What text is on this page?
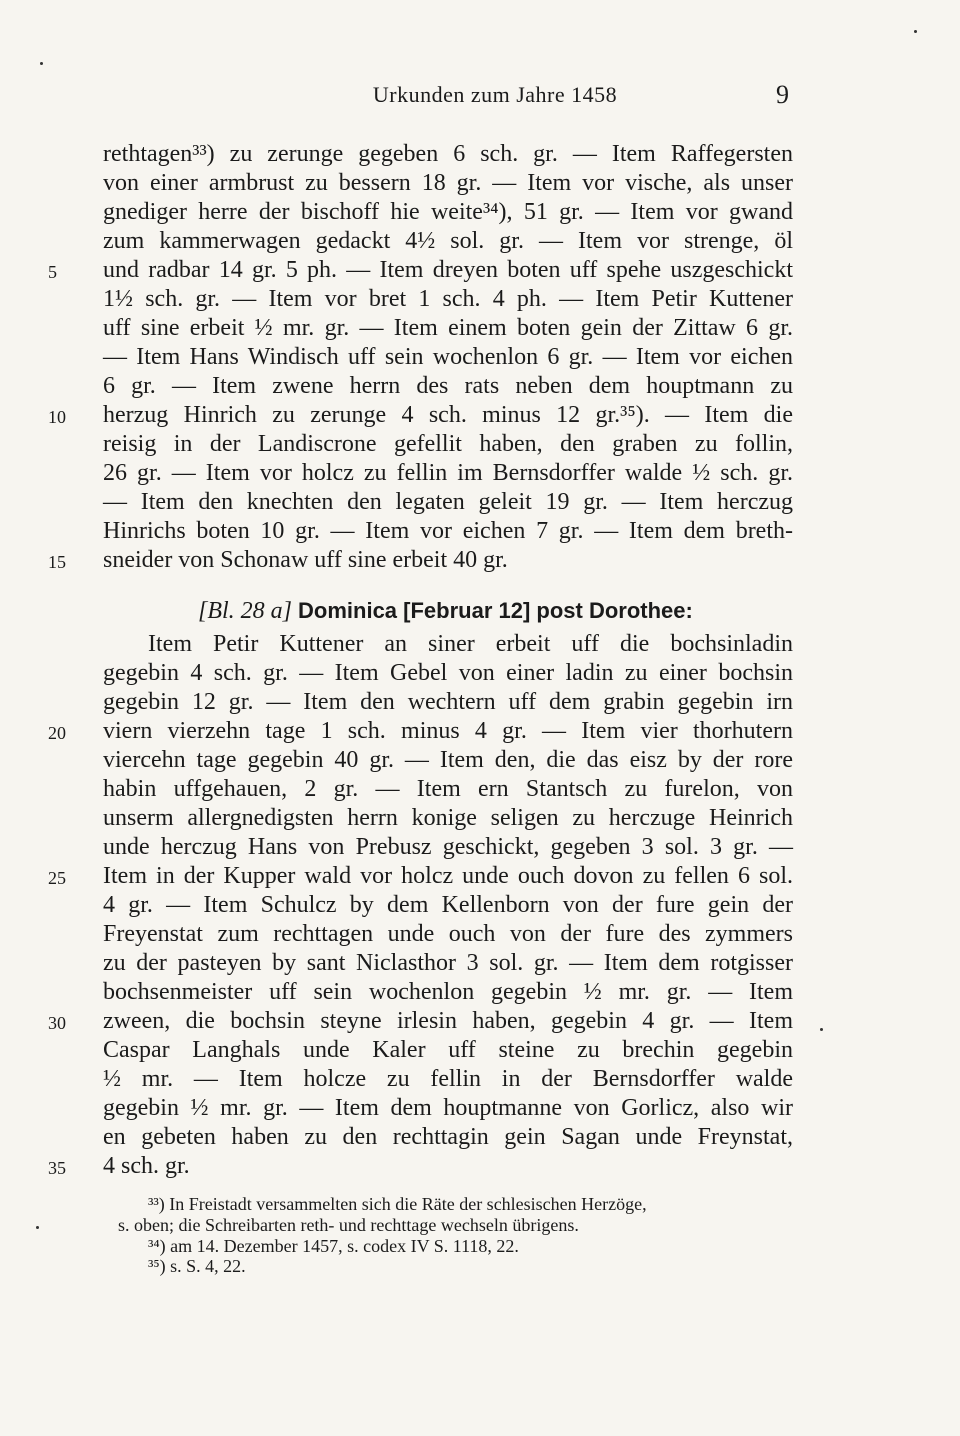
Urkunden zum Jahre 1458	9
rethtagen³³) zu zerunge gegeben 6 sch. gr. — Item Raffegersten
von einer armbrust zu bessern 18 gr. — Item vor vische, als unser
gnediger herre der bischoff hie weite³⁴), 51 gr. — Item vor gwand
zum kammerwagen gedackt 4½ sol. gr. — Item vor strenge, öl
und radbar 14 gr. 5 ph. — Item dreyen boten uff spehe uszgeschickt
1½ sch. gr. — Item vor bret 1 sch. 4 ph. — Item Petir Kuttener
uff sine erbeit ½ mr. gr. — Item einem boten gein der Zittaw 6 gr.
— Item Hans Windisch uff sein wochenlon 6 gr. — Item vor eichen
6 gr. — Item zwene herrn des rats neben dem houptmann zu
herzug Hinrich zu zerunge 4 sch. minus 12 gr.³⁵). — Item die
reisig in der Landiscrone gefellit haben, den graben zu follin,
26 gr. — Item vor holcz zu fellin im Bernsdorffer walde ½ sch. gr.
— Item den knechten den legaten geleit 19 gr. — Item herczug
Hinrichs boten 10 gr. — Item vor eichen 7 gr. — Item dem breth-
sneider von Schonaw uff sine erbeit 40 gr.
[Bl. 28 a] Dominica [Februar 12] post Dorothee:
Item Petir Kuttener an siner erbeit uff die bochsinladin
gegebin 4 sch. gr. — Item Gebel von einer ladin zu einer bochsin
gegebin 12 gr. — Item den wechtern uff dem grabin gegebin irn
viern vierzehn tage 1 sch. minus 4 gr. — Item vier thorhutern
viercehn tage gegebin 40 gr. — Item den, die das eisz by der rore
habin uffgehauen, 2 gr. — Item ern Stantsch zu furelon, von
unserm allergnedigsten herrn konige seligen zu herczuge Heinrich
unde herczug Hans von Prebusz geschickt, gegeben 3 sol. 3 gr. —
Item in der Kupper wald vor holcz unde ouch dovon zu fellen 6 sol.
4 gr. — Item Schulcz by dem Kellenborn von der fure gein der
Freyenstat zum rechttagen unde ouch von der fure des zymmers
zu der pasteyen by sant Niclasthor 3 sol. gr. — Item dem rotgisser
bochsenmeister uff sein wochenlon gegebin ½ mr. gr. — Item
zween, die bochsin steyne irlesin haben, gegebin 4 gr. — Item
Caspar Langhals unde Kaler uff steine zu brechin gegebin
½ mr. — Item holcze zu fellin in der Bernsdorffer walde
gegebin ½ mr. gr. — Item dem houptmanne von Gorlicz, also wir
en gebeten haben zu den rechttagin gein Sagan unde Freynstat,
4 sch. gr.
5
10
15
20
25
30
35
³³) In Freistadt versammelten sich die Räte der schlesischen Herzöge,
s. oben; die Schreibarten reth- und rechttage wechseln übrigens.
³⁴) am 14. Dezember 1457, s. codex IV S. 1118, 22.
³⁵) s. S. 4, 22.
